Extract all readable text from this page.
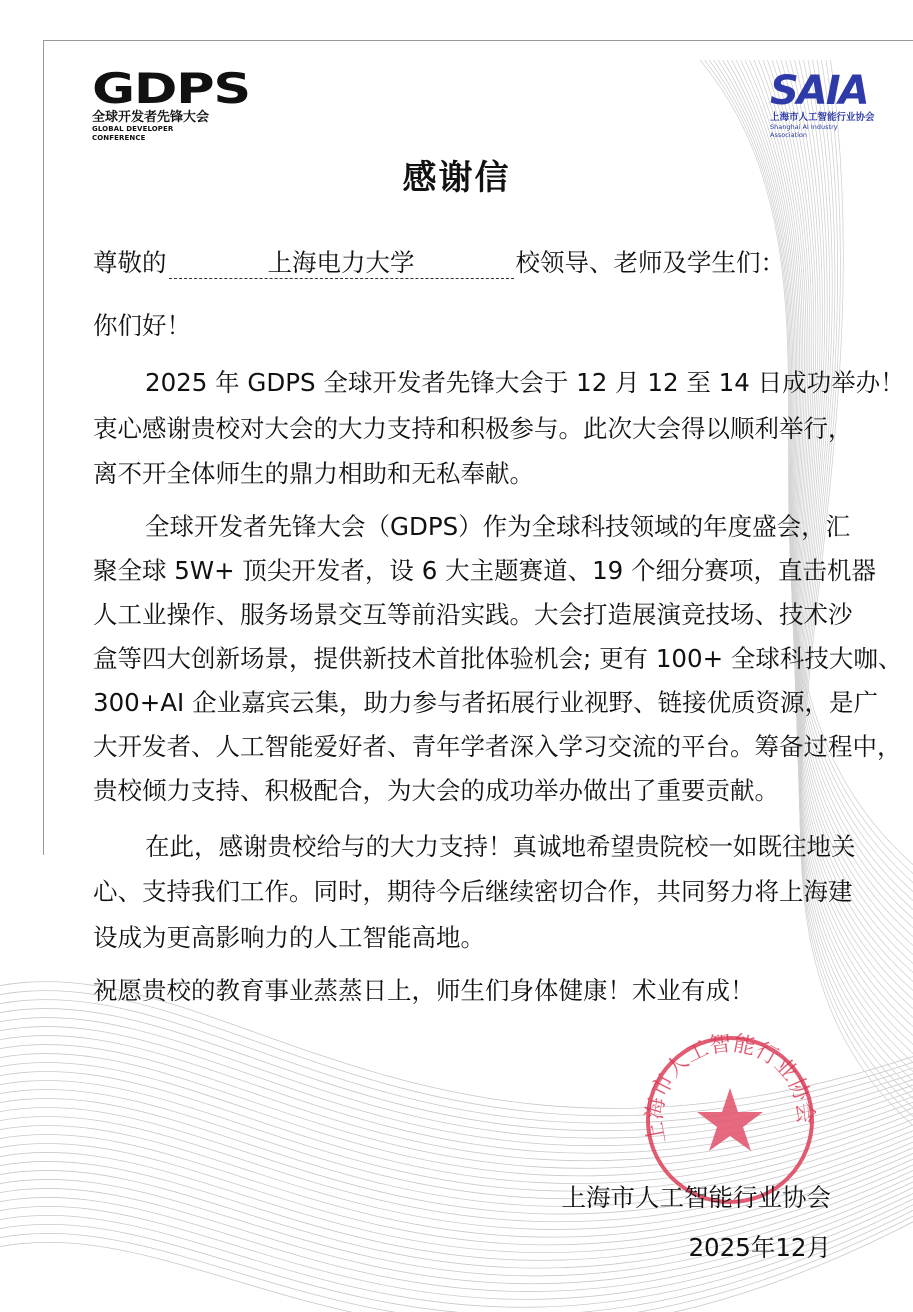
GDPS
全球开发者先锋大会
GLOBAL DEVELOPER CONFERENCE
SAIA
上海市人工智能行业协会
Shanghai AI Industry Association
感谢信
尊敬的	上海电力大学	校领导、老师及学生们：
你们好！
2025 年 GDPS 全球开发者先锋大会于 12 月 12 至 14 日成功举办！
衷心感谢贵校对大会的大力支持和积极参与。此次大会得以顺利举行，
离不开全体师生的鼎力相助和无私奉献。
全球开发者先锋大会（GDPS）作为全球科技领域的年度盛会，汇
聚全球 5W+ 顶尖开发者，设 6 大主题赛道、19 个细分赛项，直击机器
人工业操作、服务场景交互等前沿实践。大会打造展演竞技场、技术沙
盒等四大创新场景，提供新技术首批体验机会; 更有 100+ 全球科技大咖、
300+AI 企业嘉宾云集，助力参与者拓展行业视野、链接优质资源，是广
大开发者、人工智能爱好者、青年学者深入学习交流的平台。筹备过程中，
贵校倾力支持、积极配合，为大会的成功举办做出了重要贡献。
在此，感谢贵校给与的大力支持！真诚地希望贵院校一如既往地关
心、支持我们工作。同时，期待今后继续密切合作，共同努力将上海建
设成为更高影响力的人工智能高地。
祝愿贵校的教育事业蒸蒸日上，师生们身体健康！术业有成！
上海市人工智能行业协会
上海市人工智能行业协会
2025年12月
